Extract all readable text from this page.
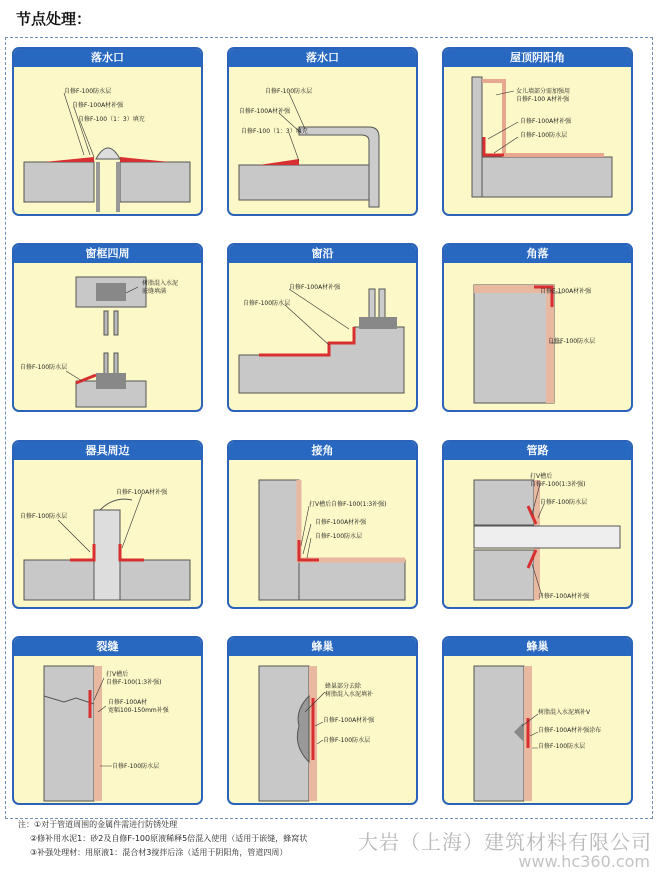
节点处理：
落水口
自修F-100防水层
自修F-100A材补强
自修F-100（1：3）填充
落水口
自修F-100防水层
自修F-100A材补强
自修F-100（1：3）填充
屋顶阴阳角
女儿墙部分需加强用
自修F-100 A材补强
自修F-100A材补强
自修F-100防水层
窗框四周
树脂混入水泥
嵌缝填满
自修F-100防水层
窗沿
自修F-100A材补强
自修F-100防水层
角落
自修F-100A材补强
自修F-100防水层
器具周边
自修F-100A材补强
自修F-100防水层
接角
打V槽后自修F-100(1:3补强)
自修F-100A材补强
自修F-100防水层
管路
打V槽后
自修F-100(1:3补强)
自修F-100防水层
自修F-100A材补强
裂缝
打V槽后
自修F-100(1:3补强)
自修F-100A材
宽幅100-150mm补强
自修F-100防水层
蜂巢
蜂巢部分去除
树脂混入水泥填补
自修F-100A材补强
自修F-100防水层
蜂巢
树脂混入水泥填补V
自修F-100A材补强涂布
自修F-100防水层
注：①对于管道周围的金属件需进行防锈处理
②修补用水泥1：砂2及自修F-100原液稀释5倍混入使用（适用于嵌缝，蜂窝状
③补强处理材：用原液1：混合材3搅拌后涂（适用于阴阳角，管道四周）	大岩（上海）建筑材料有限公司
www.hc360.com
